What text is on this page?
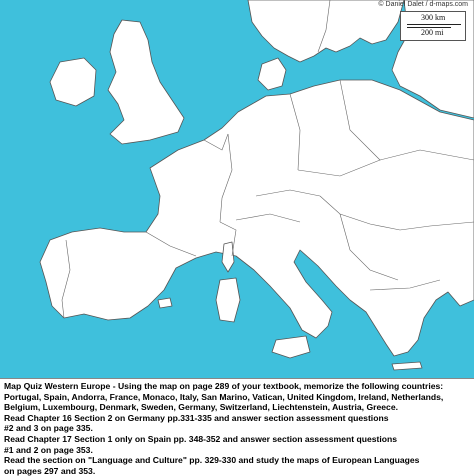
© Daniel Dalet / d-maps.com
300 km
200 mi

Map Quiz Western Europe - Using the map on page 289 of your textbook, memorize the following countries:

Portugal, Spain, Andorra, France, Monaco, Italy, San Marino, Vatican, United Kingdom, Ireland, Netherlands,

Belgium, Luxembourg, Denmark, Sweden, Germany, Switzerland, Liechtenstein, Austria, Greece.

Read Chapter 16 Section 2 on Germany pp.331-335 and answer section assessment questions

#2 and 3 on page 335.

Read Chapter 17 Section 1 only on Spain pp. 348-352 and answer section assessment questions

#1 and 2 on page 353.

Read the section on "Language and Culture" pp. 329-330 and study the maps of European Languages

on pages 297 and 353.
